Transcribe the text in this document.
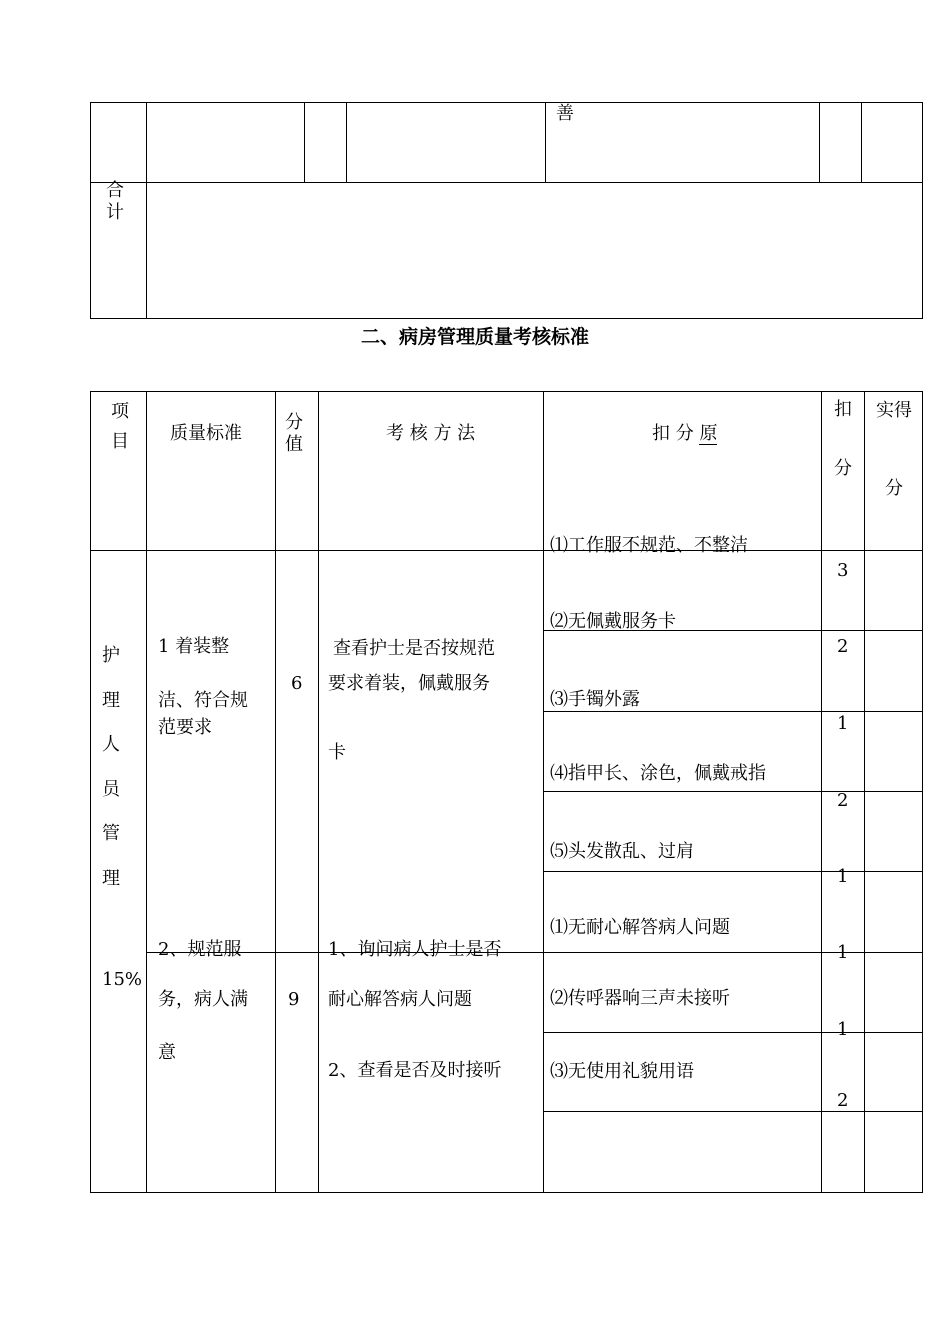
善
合
计
二、病房管理质量考核标准
项
目 质量标准
分
值
考 核 方 法	扣 分 原
扣

分
实得
分
护
理
人
员
管
理
15%
1 着装整

洁、符合规
范要求
6
查看护士是否按规范
要求着装，佩戴服务
卡
⑴工作服不规范、不整洁
3
⑵无佩戴服务卡
2
⑶手镯外露
1
⑷指甲长、涂色，佩戴戒指
2
⑸头发散乱、过肩
1
2、规范服
务，病人满
意
9
1、询问病人护士是否
耐心解答病人问题
2、查看是否及时接听
⑴无耐心解答病人问题
1
⑵传呼器响三声未接听
1
⑶无使用礼貌用语
2
